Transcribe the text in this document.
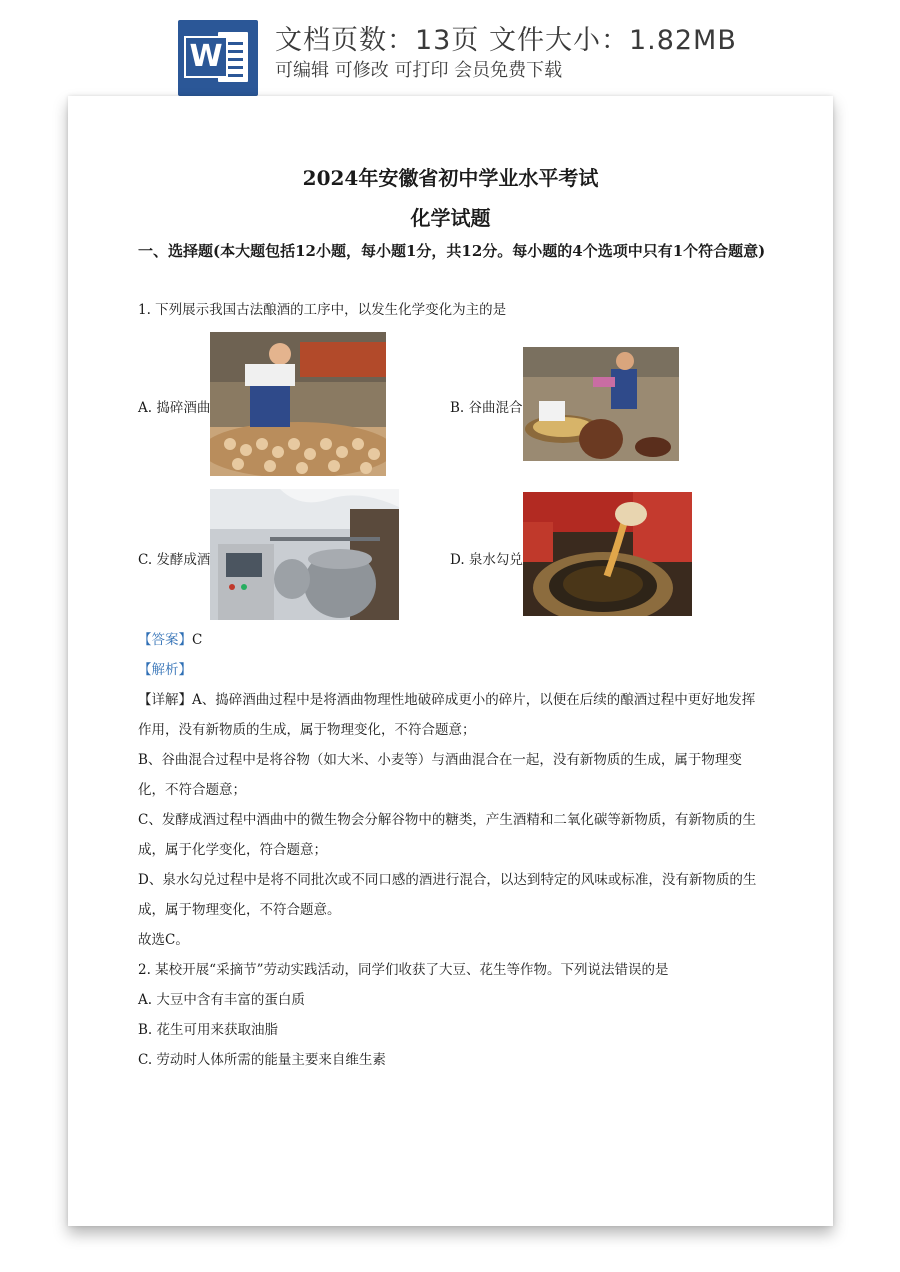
W 文档页数：13页 文件大小：1.82MB
可编辑 可修改 可打印 会员免费下载
2024年安徽省初中学业水平考试
化学试题
一、选择题(本大题包括12小题，每小题1分，共12分。每小题的4个选项中只有1个符合题意)
1. 下列展示我国古法酿酒的工序中，以发生化学变化为主的是
A. 捣碎酒曲	B. 谷曲混合
C. 发酵成酒	D. 泉水勾兑
【答案】 C
【解析】
【详解】A、捣碎酒曲过程中是将酒曲物理性地破碎成更小的碎片，以便在后续的酿酒过程中更好地发挥
作用，没有新物质的生成，属于物理变化，不符合题意；
B、谷曲混合过程中是将谷物（如大米、小麦等）与酒曲混合在一起，没有新物质的生成，属于物理变
化，不符合题意；
C、发酵成酒过程中酒曲中的微生物会分解谷物中的糖类，产生酒精和二氧化碳等新物质，有新物质的生
成，属于化学变化，符合题意；
D、泉水勾兑过程中是将不同批次或不同口感的酒进行混合，以达到特定的风味或标准，没有新物质的生
成，属于物理变化，不符合题意。
故选C。
2. 某校开展“采摘节”劳动实践活动，同学们收获了大豆、花生等作物。下列说法错误的是
A. 大豆中含有丰富的蛋白质
B. 花生可用来获取油脂
C. 劳动时人体所需的能量主要来自维生素
